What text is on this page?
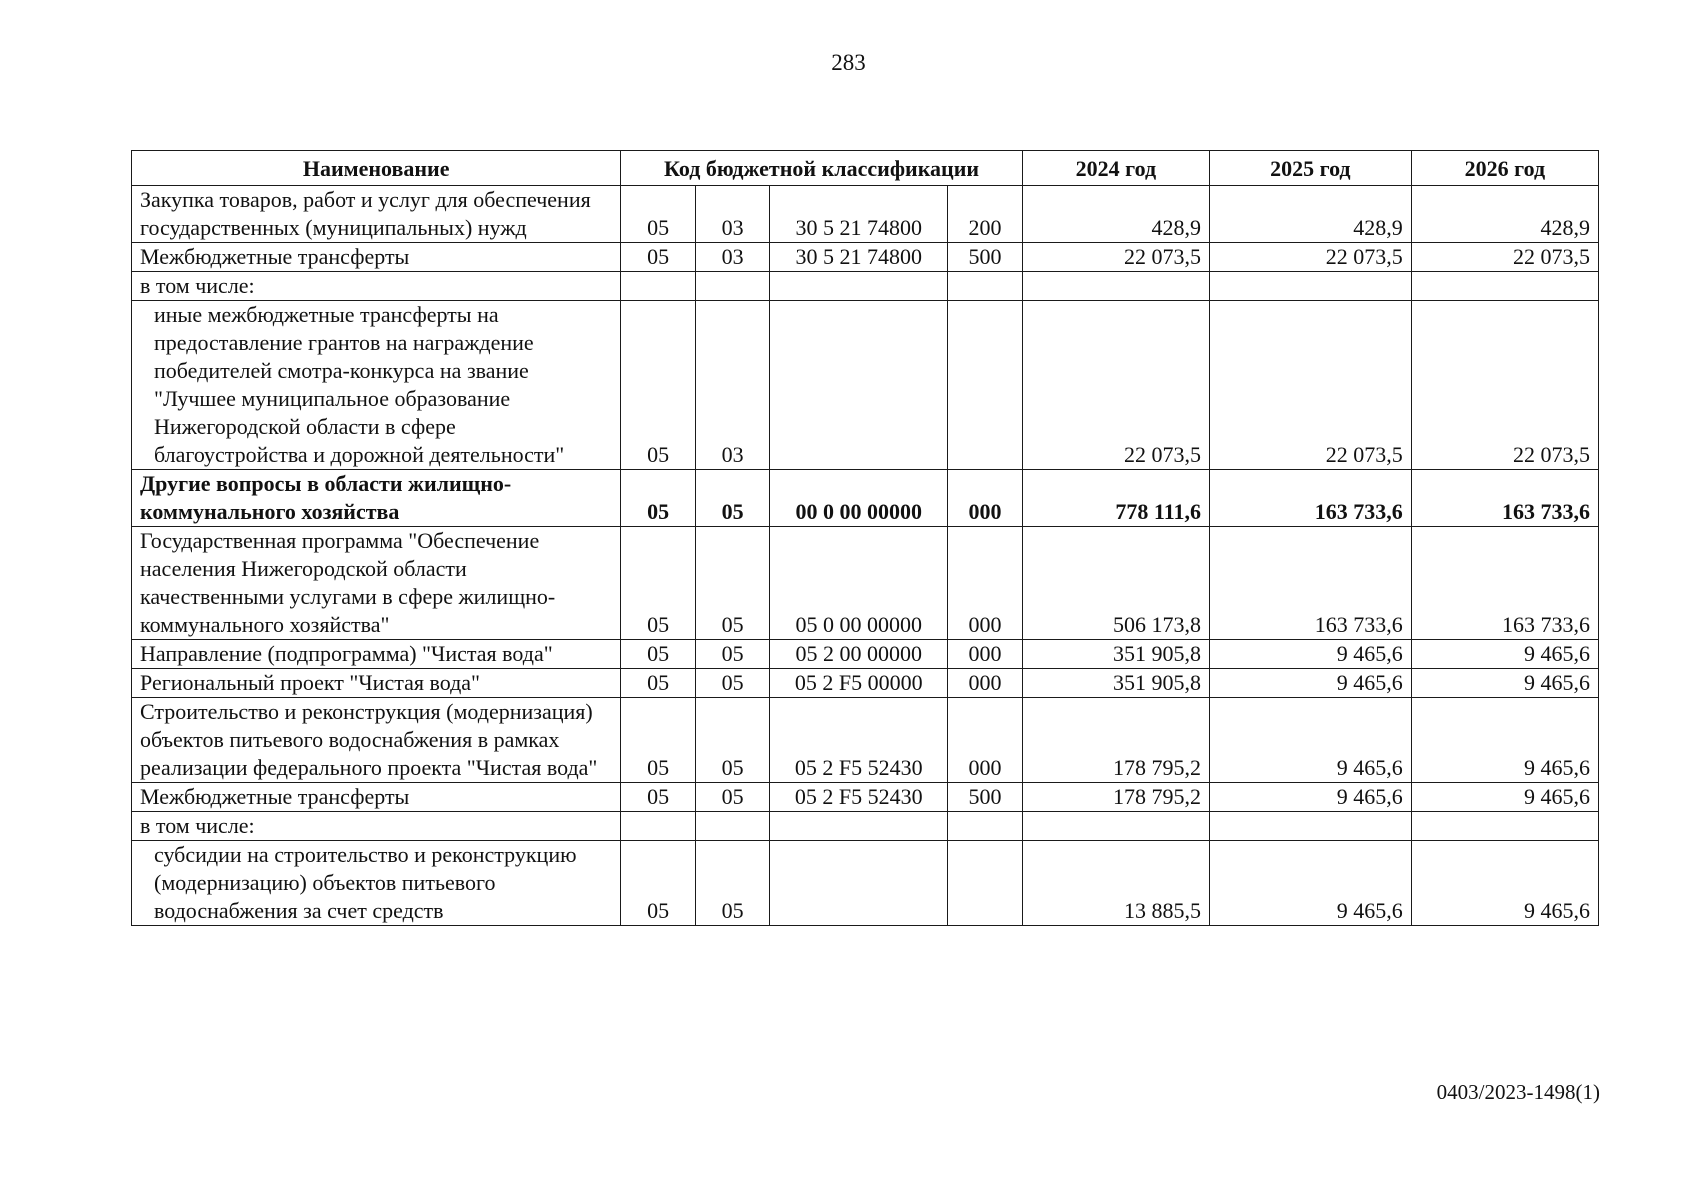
283
Наименование	Код бюджетной классификации				2024 год	2025 год	2026 год
Закупка товаров, работ и услуг для обеспечения государственных (муниципальных) нужд	05	03	30 5 21 74800	200	428,9	428,9	428,9
Межбюджетные трансферты	05	03	30 5 21 74800	500	22 073,5	22 073,5	22 073,5
в том числе:							

иные межбюджетные трансферты на предоставление грантов на награждение победителей смотра-конкурса на звание "Лучшее муниципальное образование Нижегородской области в сфере благоустройства и дорожной деятельности"	05	03			22 073,5	22 073,5	22 073,5
Другие вопросы в области жилищно-коммунального хозяйства	05	05	00 0 00 00000	000	778 111,6	163 733,6	163 733,6
Государственная программа "Обеспечение населения Нижегородской области качественными услугами в сфере жилищно-коммунального хозяйства"	05	05	05 0 00 00000	000	506 173,8	163 733,6	163 733,6
Направление (подпрограмма) "Чистая вода"	05	05	05 2 00 00000	000	351 905,8	9 465,6	9 465,6
Региональный проект "Чистая вода"	05	05	05 2 F5 00000	000	351 905,8	9 465,6	9 465,6
Строительство и реконструкция (модернизация) объектов питьевого водоснабжения в рамках реализации федерального проекта "Чистая вода"	05	05	05 2 F5 52430	000	178 795,2	9 465,6	9 465,6
Межбюджетные трансферты	05	05	05 2 F5 52430	500	178 795,2	9 465,6	9 465,6
в том числе:							

субсидии на строительство и реконструкцию (модернизацию) объектов питьевого водоснабжения за счет средств	05	05			13 885,5	9 465,6	9 465,6
0403/2023-1498(1)
